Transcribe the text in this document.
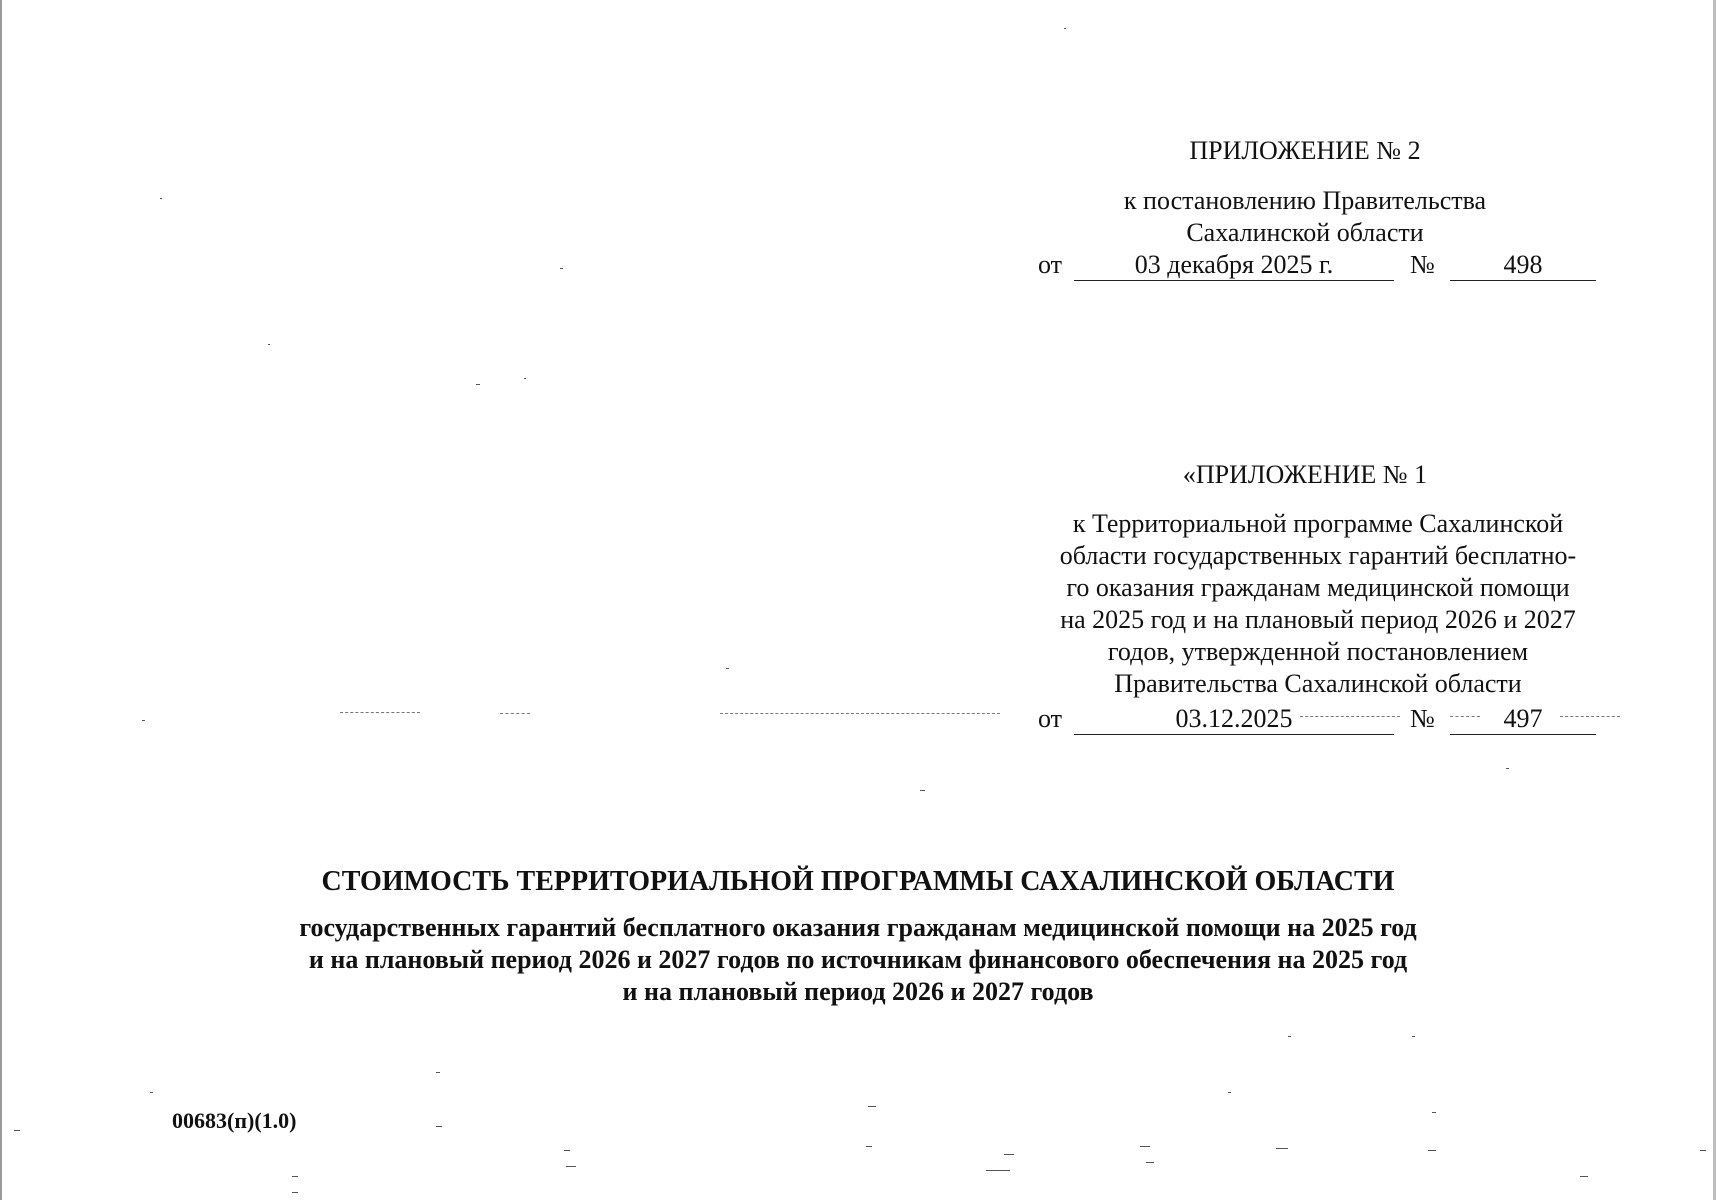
ПРИЛОЖЕНИЕ № 2
к постановлению Правительства
Сахалинской области
от	03 декабря 2025 г.	№	498
«ПРИЛОЖЕНИЕ № 1
к Территориальной программе Сахалинской
области государственных гарантий бесплатно-
го оказания гражданам медицинской помощи
на 2025 год и на плановый период 2026 и 2027
годов, утвержденной постановлением
Правительства Сахалинской области
от	03.12.2025	№	497
СТОИМОСТЬ ТЕРРИТОРИАЛЬНОЙ ПРОГРАММЫ САХАЛИНСКОЙ ОБЛАСТИ
государственных гарантий бесплатного оказания гражданам медицинской помощи на 2025 год
и на плановый период 2026 и 2027 годов по источникам финансового обеспечения на 2025 год
и на плановый период 2026 и 2027 годов
00683(п)(1.0)
